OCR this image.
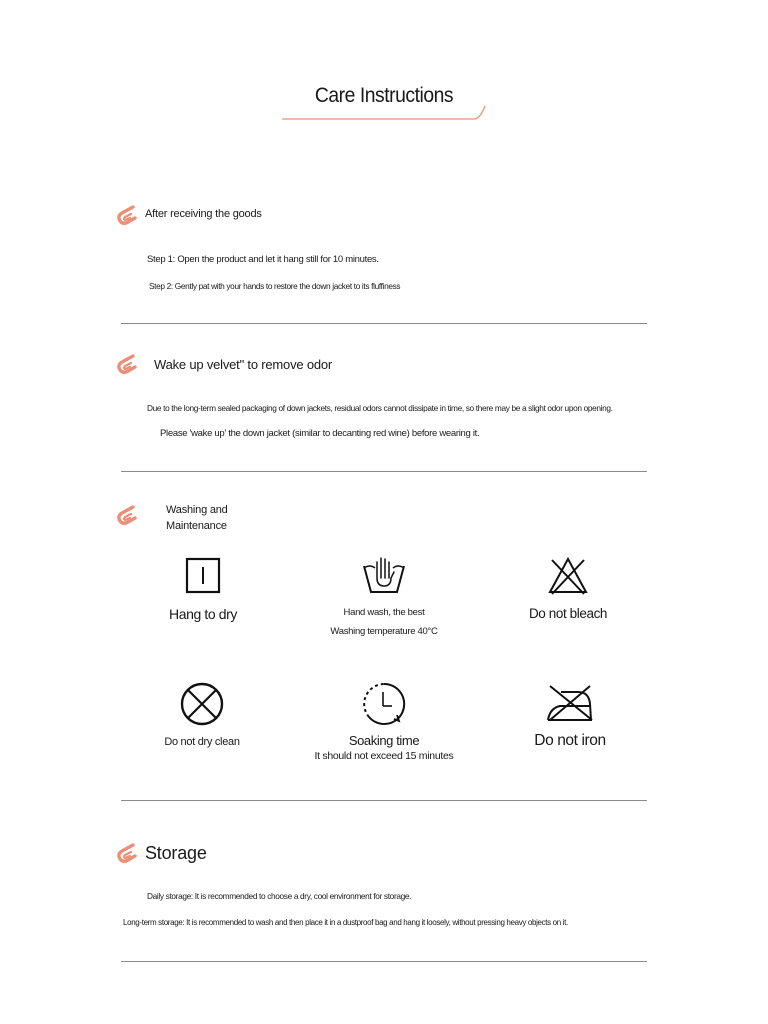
Care Instructions
After receiving the goods
Step 1: Open the product and let it hang still for 10 minutes.
Step 2: Gently pat with your hands to restore the down jacket to its fluffiness
Wake up velvet" to remove odor
Due to the long-term sealed packaging of down jackets, residual odors cannot dissipate in time, so there may be a slight odor upon opening.
Please 'wake up' the down jacket (similar to decanting red wine) before wearing it.
Washing and
Maintenance
Hang to dry	Hand wash, the best
Washing temperature 40°C
Do not bleach
Do not dry clean	Soaking time
It should not exceed 15 minutes
Do not iron
Storage
Daily storage: It is recommended to choose a dry, cool environment for storage.
Long-term storage: It is recommended to wash and then place it in a dustproof bag and hang it loosely, without pressing heavy objects on it.
